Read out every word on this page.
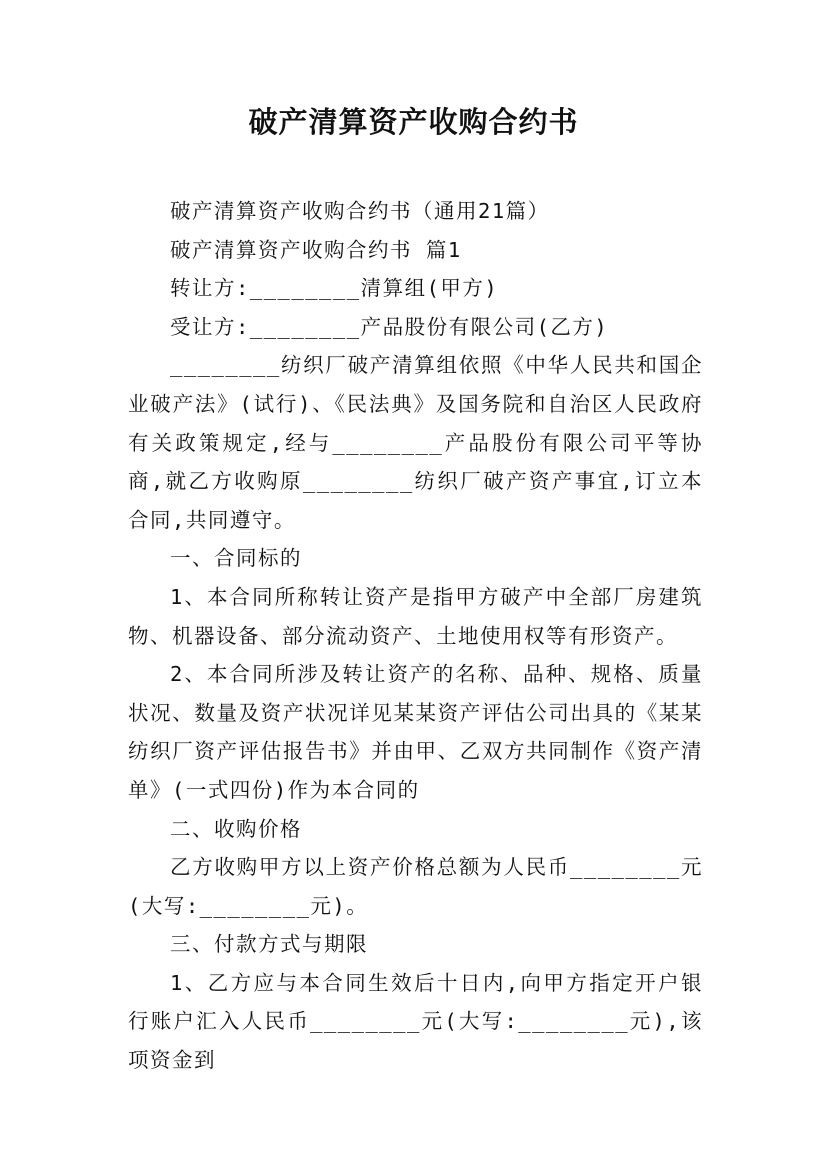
破产清算资产收购合约书

破产清算资产收购合约书（通用21篇）

破产清算资产收购合约书 篇1

转让方:________清算组(甲方)

受让方:________产品股份有限公司(乙方)

________纺织厂破产清算组依照《中华人民共和国企业破产法》(试行)、《民法典》及国务院和自治区人民政府有关政策规定,经与________产品股份有限公司平等协商,就乙方收购原________纺织厂破产资产事宜,订立本合同,共同遵守。

一、合同标的

1、本合同所称转让资产是指甲方破产中全部厂房建筑物、机器设备、部分流动资产、土地使用权等有形资产。

2、本合同所涉及转让资产的名称、品种、规格、质量状况、数量及资产状况详见某某资产评估公司出具的《某某纺织厂资产评估报告书》并由甲、乙双方共同制作《资产清单》(一式四份)作为本合同的

二、收购价格

乙方收购甲方以上资产价格总额为人民币________元(大写:________元)。

三、付款方式与期限

1、乙方应与本合同生效后十日内,向甲方指定开户银行账户汇入人民币________元(大写:________元),该项资金到
